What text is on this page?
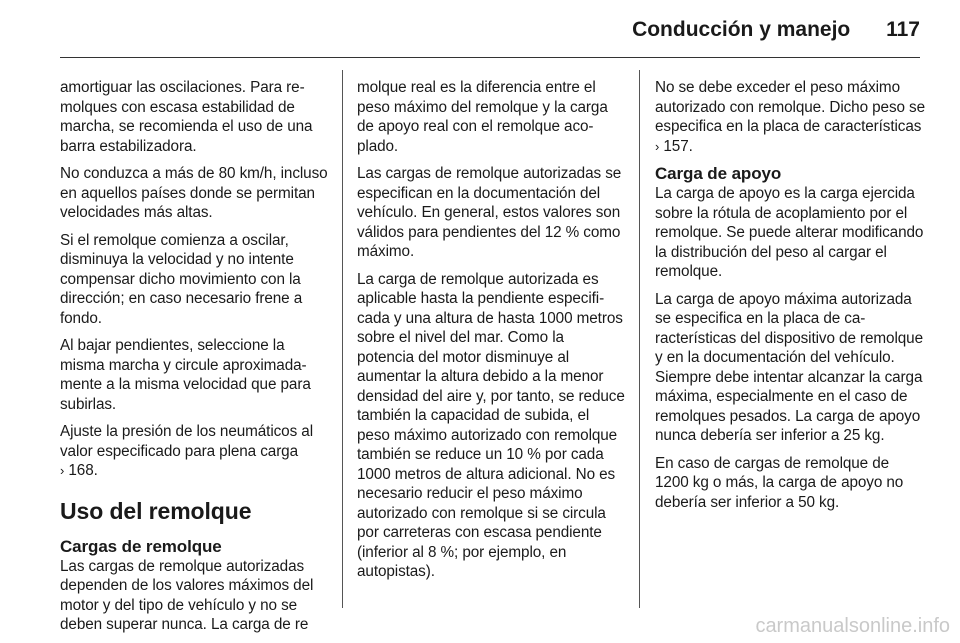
Conducción y manejo 117

amortiguar las oscilaciones. Para remolques con escasa estabilidad de marcha, se recomienda el uso de una barra estabilizadora.

No conduzca a más de 80 km/h, incluso en aquellos países donde se permitan velocidades más altas.

Si el remolque comienza a oscilar, disminuya la velocidad y no intente compensar dicho movimiento con la dirección; en caso necesario frene a fondo.

Al bajar pendientes, seleccione la misma marcha y circule aproximadamente a la misma velocidad que para subirlas.

Ajuste la presión de los neumáticos al valor especificado para plena carga
› 168.

Uso del remolque
Cargas de remolque

Las cargas de remolque autorizadas dependen de los valores máximos del motor y del tipo de vehículo y no se deben superar nunca. La carga de re

molque real es la diferencia entre el peso máximo del remolque y la carga de apoyo real con el remolque acoplado.

Las cargas de remolque autorizadas se especifican en la documentación del vehículo. En general, estos valores son válidos para pendientes del 12 % como máximo.

La carga de remolque autorizada es aplicable hasta la pendiente especificada y una altura de hasta 1000 metros sobre el nivel del mar. Como la potencia del motor disminuye al aumentar la altura debido a la menor densidad del aire y, por tanto, se reduce también la capacidad de subida, el peso máximo autorizado con remolque también se reduce un 10 % por cada 1000 metros de altura adicional. No es necesario reducir el peso máximo autorizado con remolque si se circula por carreteras con escasa pendiente (inferior al 8 %; por ejemplo, en autopistas).

No se debe exceder el peso máximo autorizado con remolque. Dicho peso se especifica en la placa de características › 157.

Carga de apoyo

La carga de apoyo es la carga ejercida sobre la rótula de acoplamiento por el remolque. Se puede alterar modificando la distribución del peso al cargar el remolque.

La carga de apoyo máxima autorizada se especifica en la placa de características del dispositivo de remolque y en la documentación del vehículo. Siempre debe intentar alcanzar la carga máxima, especialmente en el caso de remolques pesados. La carga de apoyo nunca debería ser inferior a 25 kg.

En caso de cargas de remolque de 1200 kg o más, la carga de apoyo no debería ser inferior a 50 kg.

carmanualsonline.info
